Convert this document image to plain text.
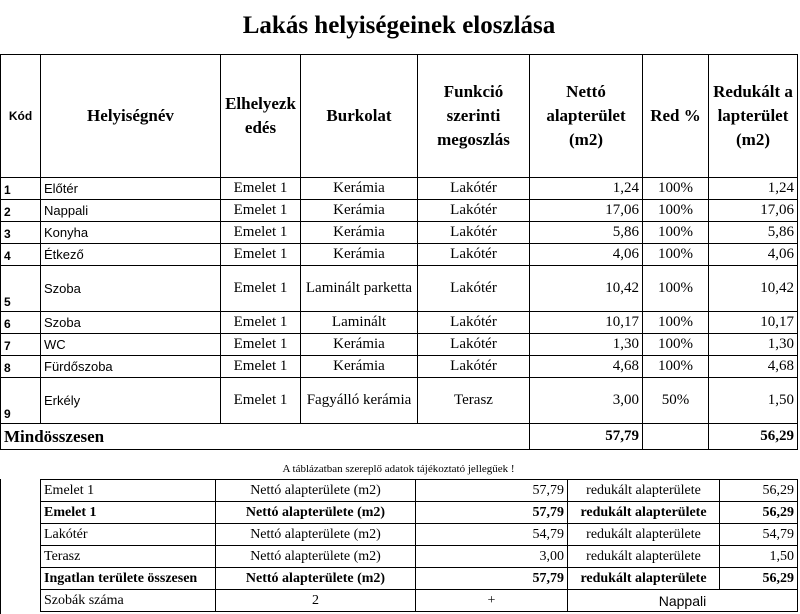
Lakás helyiségeinek eloszlása
Kód	Helyiségnév	Elhelyezkedés	Burkolat	Funkció szerinti megoszlás	Nettó alapterület (m2)	Red %	Redukált alapterület (m2)
1	Előtér	Emelet 1	Kerámia	Lakótér	1,24	100%	1,24
2	Nappali	Emelet 1	Kerámia	Lakótér	17,06	100%	17,06
3	Konyha	Emelet 1	Kerámia	Lakótér	5,86	100%	5,86
4	Étkező	Emelet 1	Kerámia	Lakótér	4,06	100%	4,06
5	Szoba	Emelet 1	Laminált parketta	Lakótér	10,42	100%	10,42
6	Szoba	Emelet 1	Laminált	Lakótér	10,17	100%	10,17
7	WC	Emelet 1	Kerámia	Lakótér	1,30	100%	1,30
8	Fürdőszoba	Emelet 1	Kerámia	Lakótér	4,68	100%	4,68
9	Erkély	Emelet 1	Fagyálló kerámia	Terasz	3,00	50%	1,50
Mindösszesen					57,79		56,29
A táblázatban szereplő adatok tájékoztató jellegűek !
Emelet 1	Nettó alapterülete (m2)	57,79	redukált alapterülete	56,29
Emelet 1	Nettó alapterülete (m2)	57,79	redukált alapterülete	56,29
Lakótér	Nettó alapterülete (m2)	54,79	redukált alapterülete	54,79
Terasz	Nettó alapterülete (m2)	3,00	redukált alapterülete	1,50
Ingatlan területe összesen	Nettó alapterülete (m2)	57,79	redukált alapterülete	56,29
Szobák száma	2	+	Nappali	
